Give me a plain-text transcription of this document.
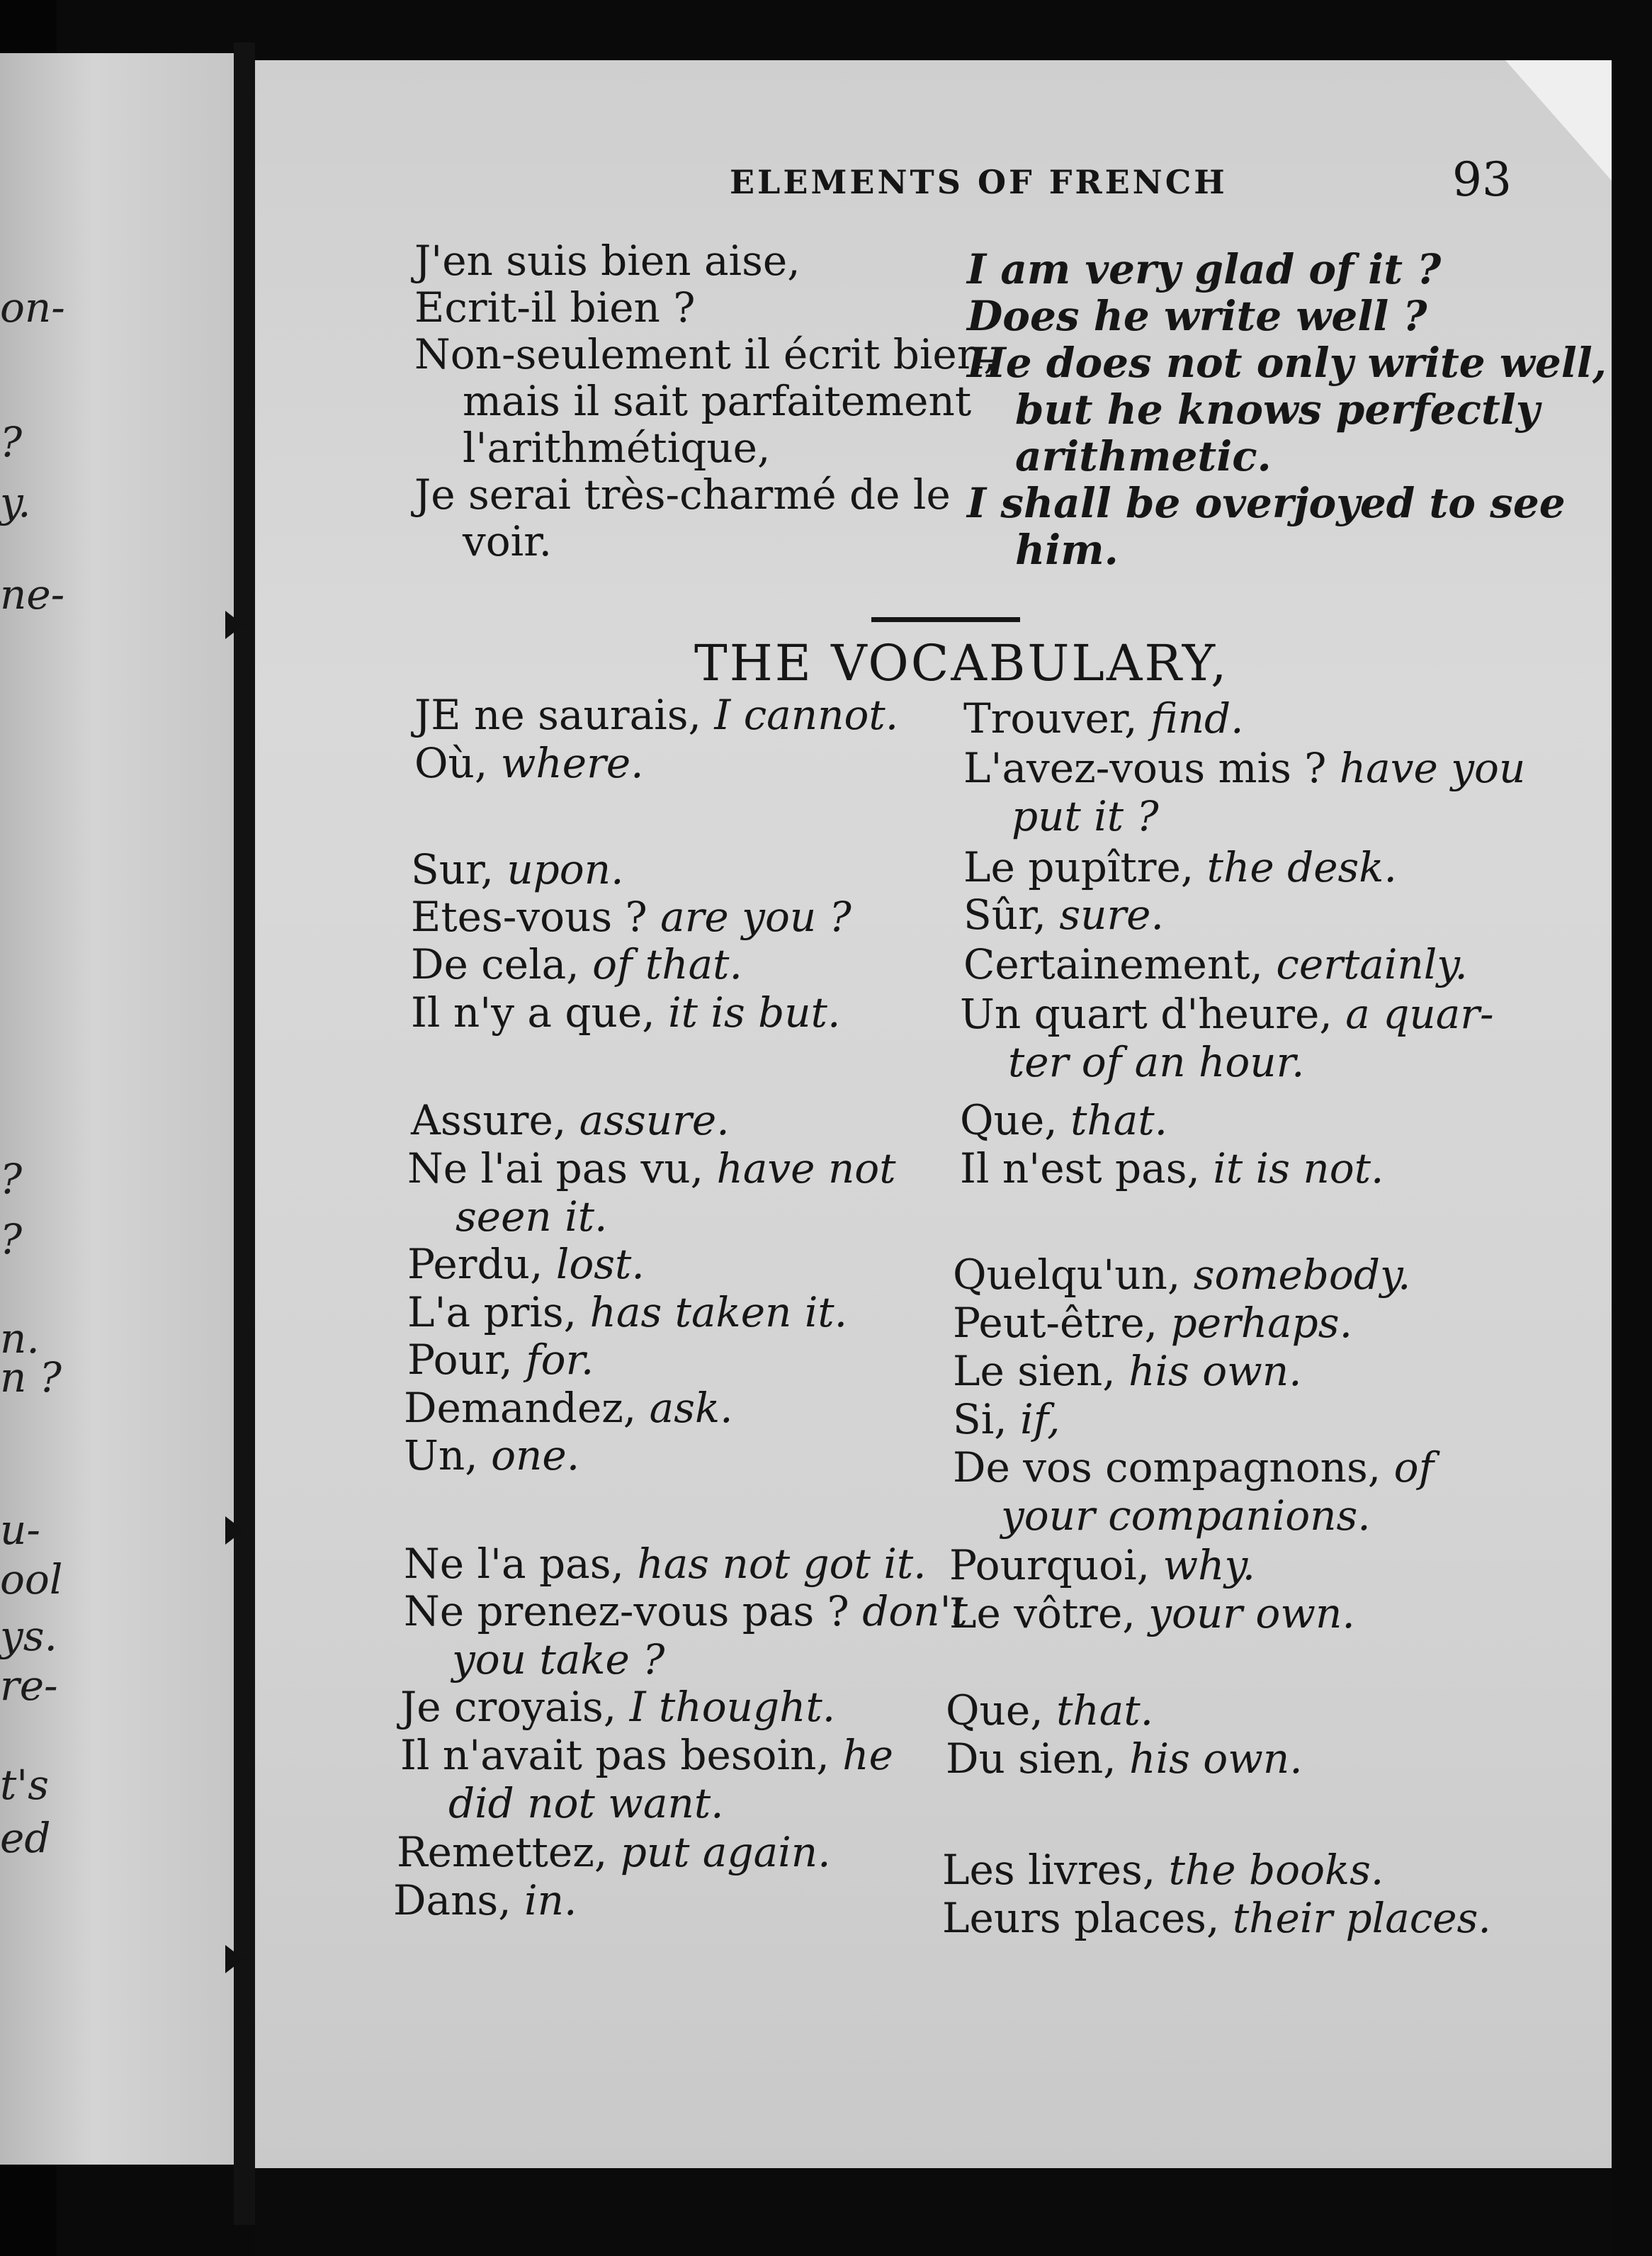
on-
?
y.
ne-
?
?
n.
n ?
u-
ool
ys.
re-
t's
ed
ELEMENTS OF FRENCH	93
J'en suis bien aise,
Ecrit-il bien ?
Non-seulement il écrit bien,
mais il sait parfaitement
l'arithmétique,
Je serai très-charmé de le
voir.
I am very glad of it ?
Does he write well ?
He does not only write well,
but he knows perfectly
arithmetic.
I shall be overjoyed to see
him.
THE VOCABULARY,
JE ne saurais, I cannot.
Où, where.
Sur, upon.
Etes-vous ? are you ?
De cela, of that.
Il n'y a que, it is but.
Assure, assure.
Ne l'ai pas vu, have not
seen it.
Perdu, lost.
L'a pris, has taken it.
Pour, for.
Demandez, ask.
Un, one.
Ne l'a pas, has not got it.
Ne prenez-vous pas ? don't
you take ?
Je croyais, I thought.
Il n'avait pas besoin, he
did not want.
Remettez, put again.
Dans, in.
Trouver, find.
L'avez-vous mis ? have you
put it ?
Le pupître, the desk.
Sûr, sure.
Certainement, certainly.
Un quart d'heure, a quar-
ter of an hour.
Que, that.
Il n'est pas, it is not.
Quelqu'un, somebody.
Peut-être, perhaps.
Le sien, his own.
Si, if,
De vos compagnons, of
your companions.
Pourquoi, why.
Le vôtre, your own.
Que, that.
Du sien, his own.
Les livres, the books.
Leurs places, their places.
